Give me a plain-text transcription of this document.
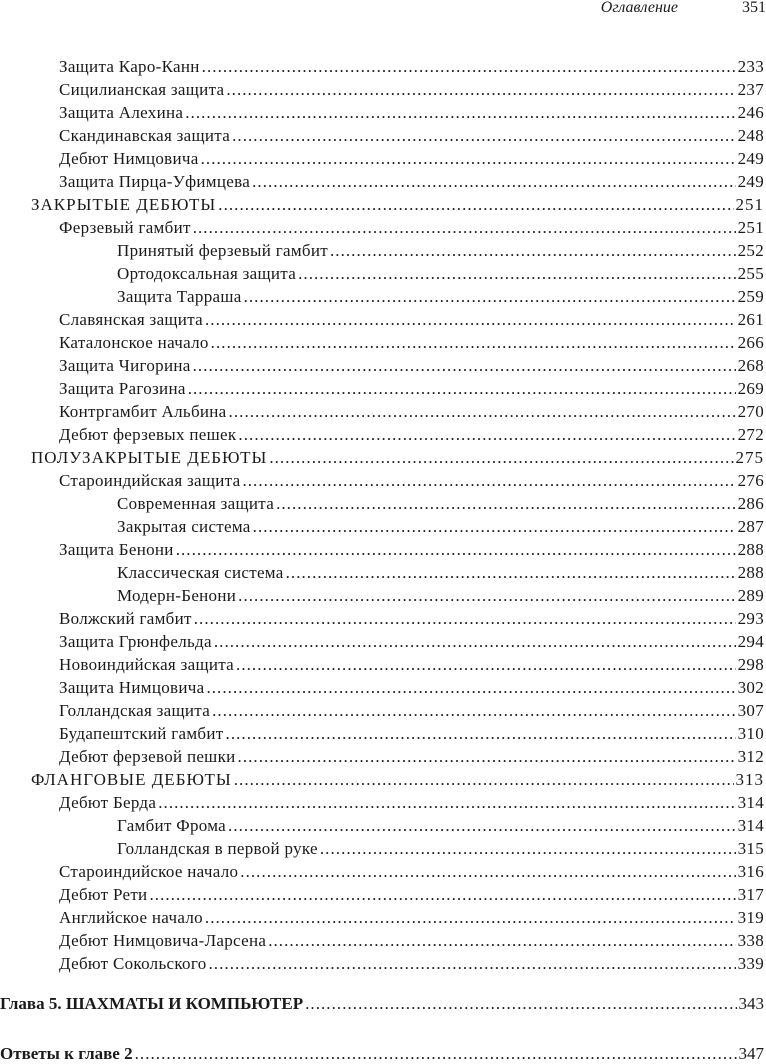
Оглавление	351
Защита Каро-Канн . . .	233
Сицилианская защита . . .	237
Защита Алехина . . .	246
Скандинавская защита . . .	248
Дебют Нимцовича . . .	249
Защита Пирца-Уфимцева . . .	249
ЗАКРЫТЫЕ ДЕБЮТЫ . . .	251
Ферзевый гамбит . . .	251
Принятый ферзевый гамбит . . .	252
Ортодоксальная защита . . .	255
Защита Тарраша . . .	259
Славянская защита . . .	261
Каталонское начало . . .	266
Защита Чигорина . . .	268
Защита Рагозина . . .	269
Контргамбит Альбина . . .	270
Дебют ферзевых пешек . . .	272
ПОЛУЗАКРЫТЫЕ ДЕБЮТЫ . . .	275
Староиндийская защита . . .	276
Современная защита . . .	286
Закрытая система . . .	287
Защита Бенони . . .	288
Классическая система . . .	288
Модерн-Бенони . . .	289
Волжский гамбит . . .	293
Защита Грюнфельда . . .	294
Новоиндийская защита . . .	298
Защита Нимцовича . . .	302
Голландская защита . . .	307
Будапештский гамбит . . .	310
Дебют ферзевой пешки . . .	312
ФЛАНГОВЫЕ ДЕБЮТЫ . . .	313
Дебют Берда . . .	314
Гамбит Фрома . . .	314
Голландская в первой руке . . .	315
Староиндийское начало . . .	316
Дебют Рети . . .	317
Английское начало . . .	319
Дебют Нимцовича-Ларсена . . .	338
Дебют Сокольского . . .	339
Глава 5. ШАХМАТЫ И КОМПЬЮТЕР . . .	343
Ответы к главе 2 . . .	347
